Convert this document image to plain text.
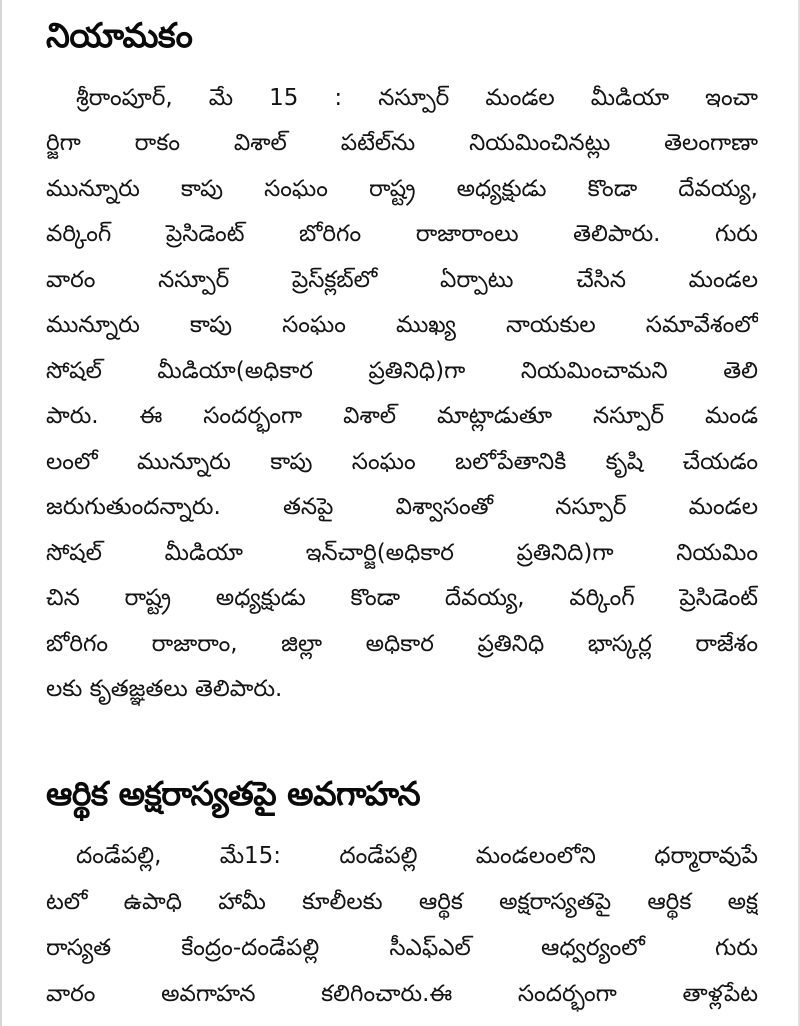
నియామకం

శ్రీరాంపూర్, మే 15 : నస్పూర్ మండల మీడియా ఇంచా

ర్జిగా రాకం విశాల్ పటేల్‌ను నియమించినట్లు తెలంగాణా

మున్నూరు కాపు సంఘం రాష్ట్ర అధ్యక్షుడు కొండా దేవయ్య,

వర్కింగ్ ప్రెసిడెంట్ బోరిగం రాజారాంలు తెలిపారు. గురు

వారం నస్పూర్ ప్రెస్‌క్లబ్‌లో ఏర్పాటు చేసిన మండల

మున్నూరు కాపు సంఘం ముఖ్య నాయకుల సమావేశంలో

సోషల్ మీడియా(అధికార ప్రతినిధి)గా నియమించామని తెలి

పారు. ఈ సందర్భంగా విశాల్ మాట్లాడుతూ నస్పూర్ మండ

లంలో మున్నూరు కాపు సంఘం బలోపేతానికి కృషి చేయడం

జరుగుతుందన్నారు. తనపై విశ్వాసంతో నస్పూర్ మండల

సోషల్ మీడియా ఇన్‌చార్జి(అధికార ప్రతినిది)గా నియమిం

చిన రాష్ట్ర అధ్యక్షుడు కొండా దేవయ్య, వర్కింగ్ ప్రెసిడెంట్

బోరిగం రాజారాం, జిల్లా అధికార ప్రతినిధి భాస్కర్ల రాజేశం

లకు కృతజ్ఞతలు తెలిపారు.

ఆర్థిక అక్షరాస్యతపై అవగాహన

దండేపల్లి, మే15: దండేపల్లి మండలంలోని ధర్మారావుపే

టలో ఉపాధి హామీ కూలీలకు ఆర్థిక అక్షరాస్యతపై ఆర్థిక అక్ష

రాస్యత కేంద్రం-దండేపల్లి సీఎఫ్ఎల్ ఆధ్వర్యంలో గురు

వారం అవగాహన కలిగించారు.ఈ సందర్భంగా తాళ్లపేట
